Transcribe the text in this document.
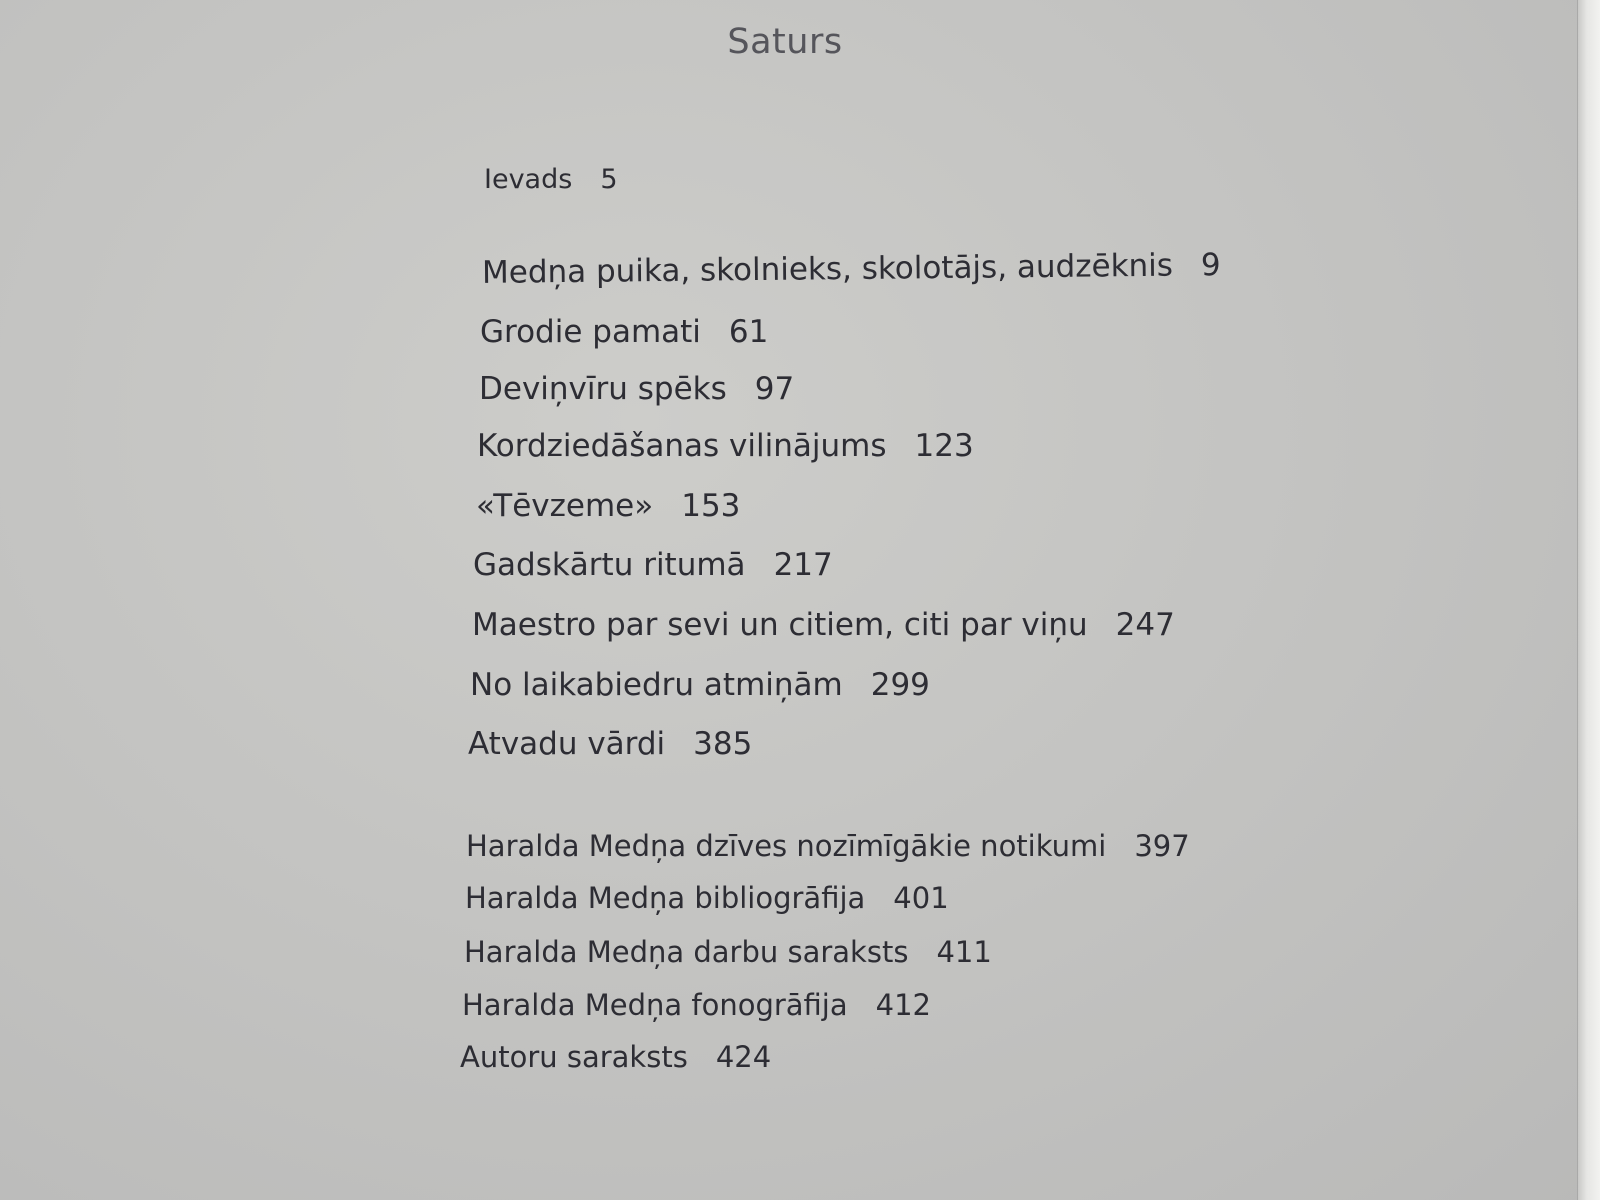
Saturs
Ievads 5
Medņa puika, skolnieks, skolotājs, audzēknis 9
Grodie pamati 61
Deviņvīru spēks 97
Kordziedāšanas vilinājums 123
«Tēvzeme» 153
Gadskārtu ritumā 217
Maestro par sevi un citiem, citi par viņu 247
No laikabiedru atmiņām 299
Atvadu vārdi 385
Haralda Medņa dzīves nozīmīgākie notikumi 397
Haralda Medņa bibliogrāfija 401
Haralda Medņa darbu saraksts 411
Haralda Medņa fonogrāfija 412
Autoru saraksts 424
